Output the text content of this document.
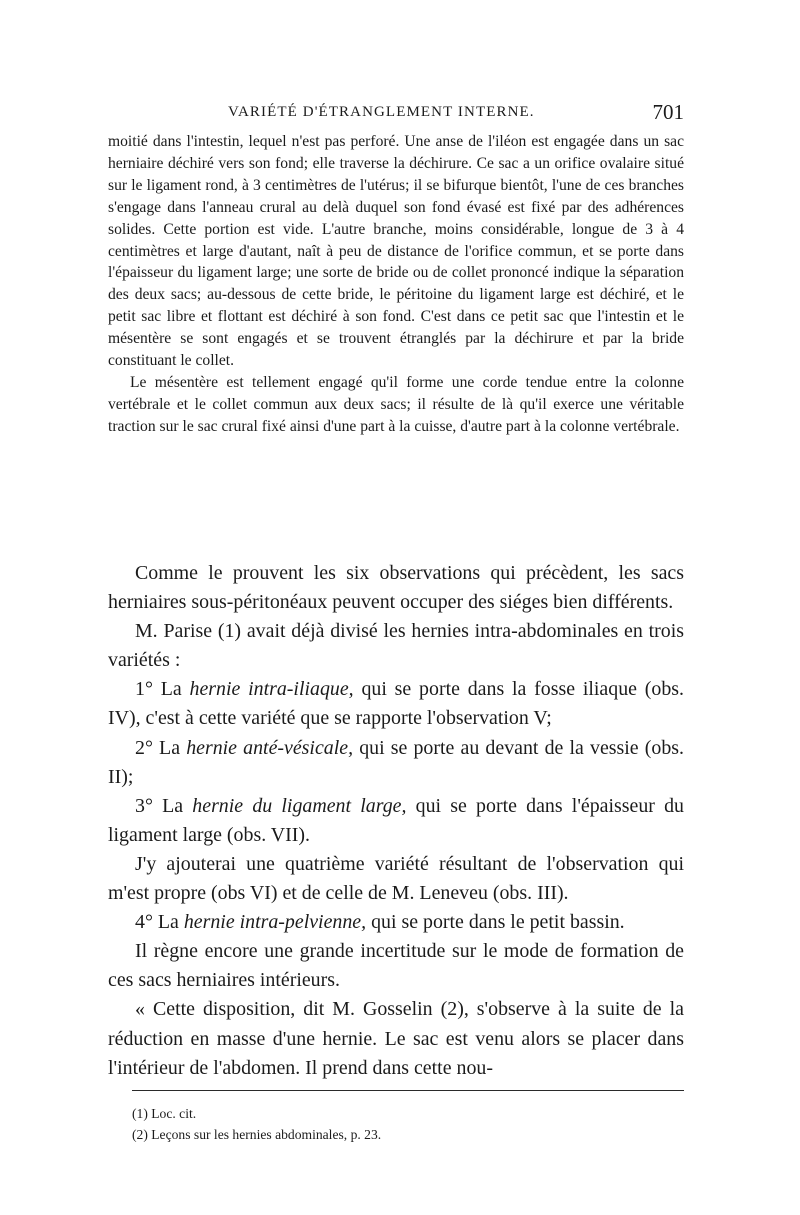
VARIÉTÉ D'ÉTRANGLEMENT INTERNE.	701

moitié dans l'intestin, lequel n'est pas perforé. Une anse de l'iléon est engagée dans un sac herniaire déchiré vers son fond; elle traverse la déchirure. Ce sac a un orifice ovalaire situé sur le ligament rond, à 3 centimètres de l'utérus; il se bifurque bientôt, l'une de ces branches s'engage dans l'anneau crural au delà duquel son fond évasé est fixé par des adhérences solides. Cette portion est vide. L'autre branche, moins considérable, longue de 3 à 4 centimètres et large d'autant, naît à peu de distance de l'orifice commun, et se porte dans l'épaisseur du ligament large; une sorte de bride ou de collet prononcé indique la séparation des deux sacs; au-dessous de cette bride, le péritoine du ligament large est déchiré, et le petit sac libre et flottant est déchiré à son fond. C'est dans ce petit sac que l'intestin et le mésentère se sont engagés et se trouvent étranglés par la déchirure et par la bride constituant le collet.

Le mésentère est tellement engagé qu'il forme une corde tendue entre la colonne vertébrale et le collet commun aux deux sacs; il résulte de là qu'il exerce une véritable traction sur le sac crural fixé ainsi d'une part à la cuisse, d'autre part à la colonne vertébrale.

Comme le prouvent les six observations qui précèdent, les sacs herniaires sous-péritonéaux peuvent occuper des siéges bien différents.

M. Parise (1) avait déjà divisé les hernies intra-abdominales en trois variétés :

1° La hernie intra-iliaque, qui se porte dans la fosse iliaque (obs. IV), c'est à cette variété que se rapporte l'observation V;

2° La hernie anté-vésicale, qui se porte au devant de la vessie (obs. II);

3° La hernie du ligament large, qui se porte dans l'épaisseur du ligament large (obs. VII).

J'y ajouterai une quatrième variété résultant de l'observation qui m'est propre (obs VI) et de celle de M. Leneveu (obs. III).

4° La hernie intra-pelvienne, qui se porte dans le petit bassin.

Il règne encore une grande incertitude sur le mode de formation de ces sacs herniaires intérieurs.

« Cette disposition, dit M. Gosselin (2), s'observe à la suite de la réduction en masse d'une hernie. Le sac est venu alors se placer dans l'intérieur de l'abdomen. Il prend dans cette nou-

(1) Loc. cit.
(2) Leçons sur les hernies abdominales, p. 23.
